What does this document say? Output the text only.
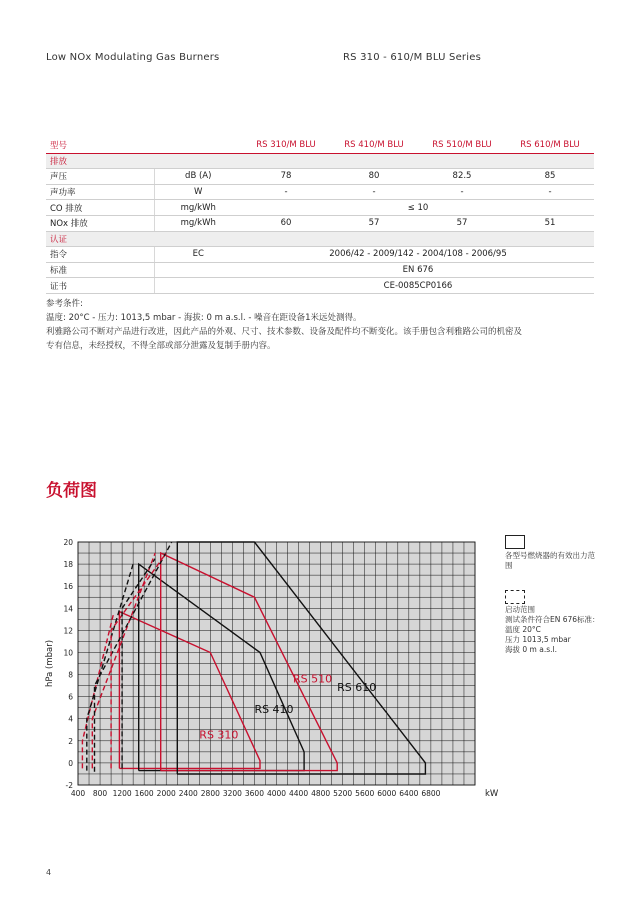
Low NOx Modulating Gas Burners	RS 310 - 610/M BLU Series
型号		RS 310/M BLU	RS 410/M BLU	RS 510/M BLU	RS 610/M BLU
排放					
声压	dB (A)	78	80	82.5	85
声功率	W	-	-	-	-
CO 排放	mg/kWh	≤ 10			
NOx 排放	mg/kWh	60	57	57	51
认证					
指令	EC	2006/42 - 2009/142 - 2004/108 - 2006/95			
标准		EN 676			
证书		CE-0085CP0166			
参考条件:
温度: 20°C - 压力: 1013,5 mbar - 海拔: 0 m a.s.l. - 噪音在距设备1米远处测得。
利雅路公司不断对产品进行改进，因此产品的外观、尺寸、技术参数、设备及配件均不断变化。该手册包含利雅路公司的机密及
专有信息，未经授权，不得全部或部分泄露及复制手册内容。
负荷图
-2
0
2
4
6
8
10
12
14
16
18
20
400 800 1200 1600 2000 2400 2800 3200 3600 4000 4400 4800 5200 5600 6000 6400 6800	kW
hPa (mbar)
RS 310
RS 410
RS 510
RS 610
各型号燃烧器的有效出力范围
启动范围
测试条件符合EN 676标准：
温度 20°C
压力 1013,5 mbar
海拔 0 m a.s.l.
4
